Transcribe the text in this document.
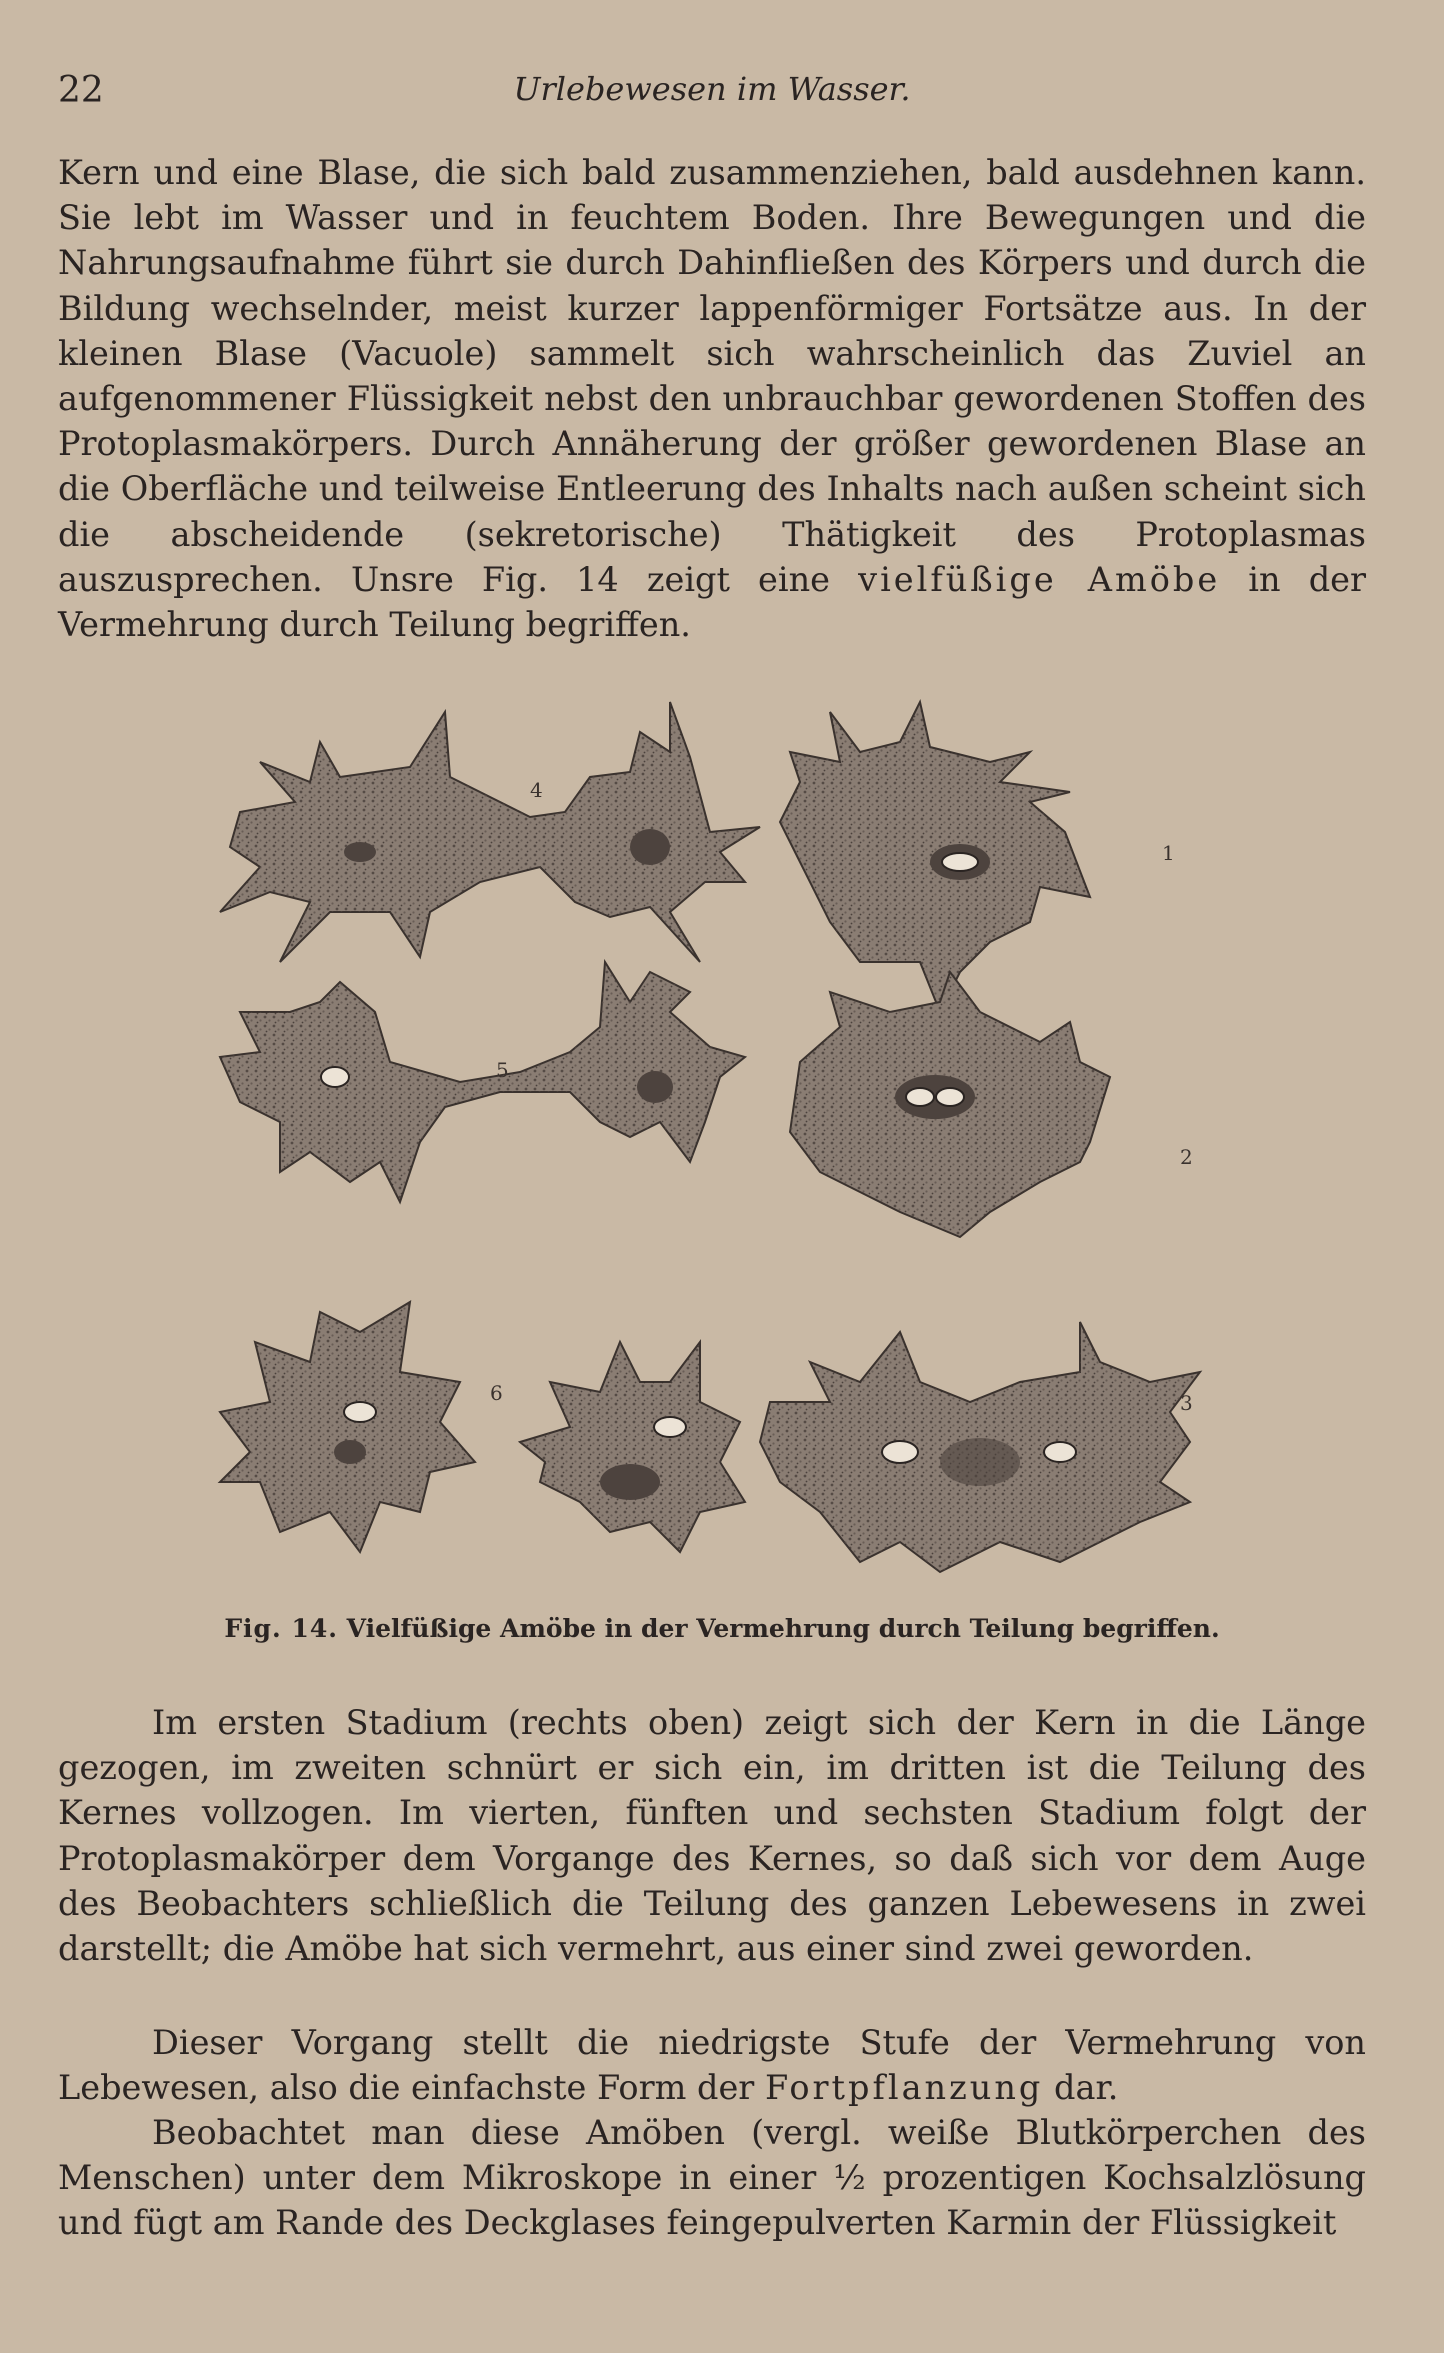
22	Urlebewesen im Wasser.

Kern und eine Blase, die sich bald zusammenziehen, bald ausdehnen kann. Sie lebt im Wasser und in feuchtem Boden. Ihre Bewegungen und die Nahrungsaufnahme führt sie durch Dahinfließen des Körpers und durch die Bildung wechselnder, meist kurzer lappenförmiger Fortsätze aus. In der kleinen Blase (Vacuole) sammelt sich wahrscheinlich das Zuviel an aufgenommener Flüssigkeit nebst den unbrauchbar gewordenen Stoffen des Protoplasmakörpers. Durch Annäherung der größer gewordenen Blase an die Oberfläche und teilweise Entleerung des Inhalts nach außen scheint sich die abscheidende (sekretorische) Thätigkeit des Protoplasmas auszusprechen. Unsre Fig. 14 zeigt eine vielfüßige Amöbe in der Vermehrung durch Teilung begriffen.

4
1
5
2
6	3

Fig. 14. Vielfüßige Amöbe in der Vermehrung durch Teilung begriffen.

Im ersten Stadium (rechts oben) zeigt sich der Kern in die Länge gezogen, im zweiten schnürt er sich ein, im dritten ist die Teilung des Kernes vollzogen. Im vierten, fünften und sechsten Stadium folgt der Protoplasmakörper dem Vorgange des Kernes, so daß sich vor dem Auge des Beobachters schließlich die Teilung des ganzen Lebewesens in zwei darstellt; die Amöbe hat sich vermehrt, aus einer sind zwei geworden.

Dieser Vorgang stellt die niedrigste Stufe der Vermehrung von Lebewesen, also die einfachste Form der Fortpflanzung dar.

Beobachtet man diese Amöben (vergl. weiße Blutkörperchen des Menschen) unter dem Mikroskope in einer ½ prozentigen Kochsalzlösung und fügt am Rande des Deckglases feingepulverten Karmin der Flüssigkeit
